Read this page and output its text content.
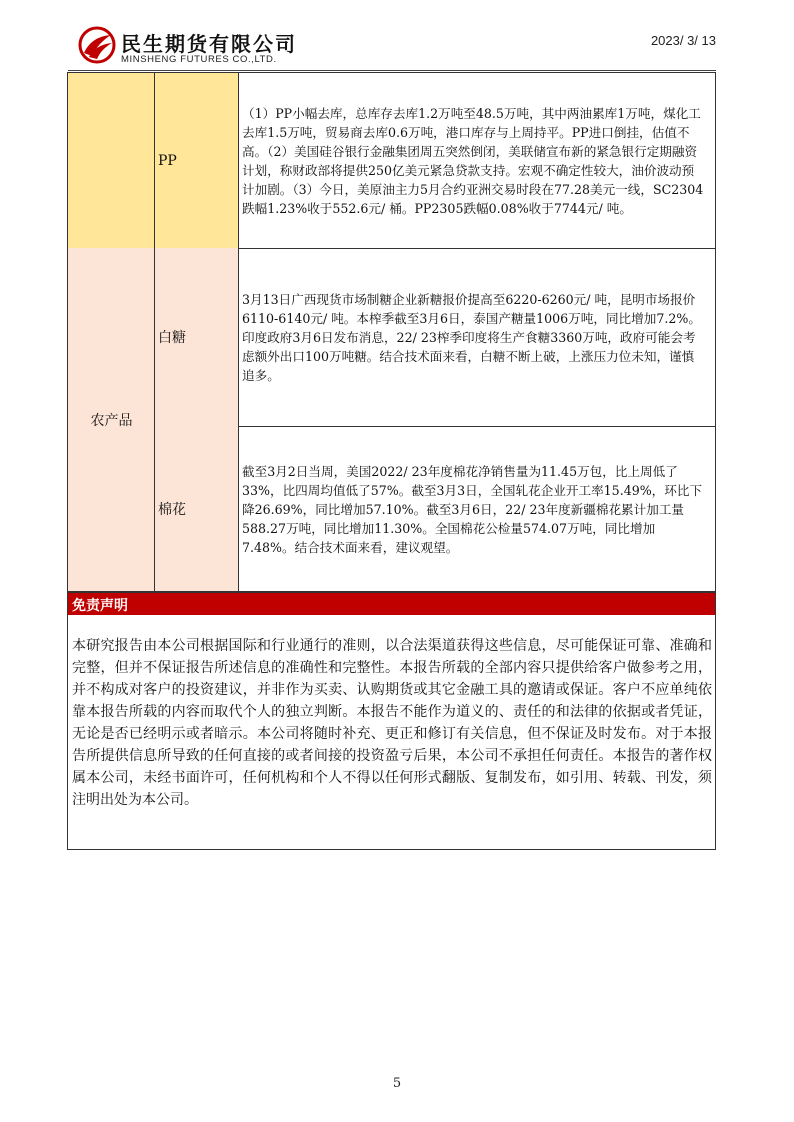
民生期货有限公司
MINSHENG FUTURES CO.,LTD.
2023/ 3/ 13
PP
（1）PP小幅去库，总库存去库1.2万吨至48.5万吨，其中两油累库1万吨，煤化工去库1.5万吨，贸易商去库0.6万吨，港口库存与上周持平。PP进口倒挂，估值不高。（2）美国硅谷银行金融集团周五突然倒闭，美联储宣布新的紧急银行定期融资计划，称财政部将提供250亿美元紧急贷款支持。宏观不确定性较大，油价波动预计加剧。（3）今日，美原油主力5月合约亚洲交易时段在77.28美元一线，SC2304跌幅1.23%收于552.6元/ 桶。PP2305跌幅0.08%收于7744元/ 吨。
农产品
白糖
3月13日广西现货市场制糖企业新糖报价提高至6220-6260元/ 吨，昆明市场报价6110-6140元/ 吨。本榨季截至3月6日，泰国产糖量1006万吨，同比增加7.2%。印度政府3月6日发布消息，22/ 23榨季印度将生产食糖3360万吨，政府可能会考虑额外出口100万吨糖。结合技术面来看，白糖不断上破，上涨压力位未知，谨慎追多。
棉花
截至3月2日当周，美国2022/ 23年度棉花净销售量为11.45万包，比上周低了33%，比四周均值低了57%。截至3月3日，全国轧花企业开工率15.49%，环比下降26.69%，同比增加57.10%。截至3月6日，22/ 23年度新疆棉花累计加工量588.27万吨，同比增加11.30%。全国棉花公检量574.07万吨，同比增加7.48%。结合技术面来看，建议观望。
免责声明
本研究报告由本公司根据国际和行业通行的准则，以合法渠道获得这些信息，尽可能保证可靠、准确和完整，但并不保证报告所述信息的准确性和完整性。本报告所载的全部内容只提供给客户做参考之用，并不构成对客户的投资建议，并非作为买卖、认购期货或其它金融工具的邀请或保证。客户不应单纯依靠本报告所载的内容而取代个人的独立判断。本报告不能作为道义的、责任的和法律的依据或者凭证，无论是否已经明示或者暗示。本公司将随时补充、更正和修订有关信息，但不保证及时发布。对于本报告所提供信息所导致的任何直接的或者间接的投资盈亏后果，本公司不承担任何责任。本报告的著作权属本公司，未经书面许可，任何机构和个人不得以任何形式翻版、复制发布，如引用、转载、刊发，须注明出处为本公司。
5
